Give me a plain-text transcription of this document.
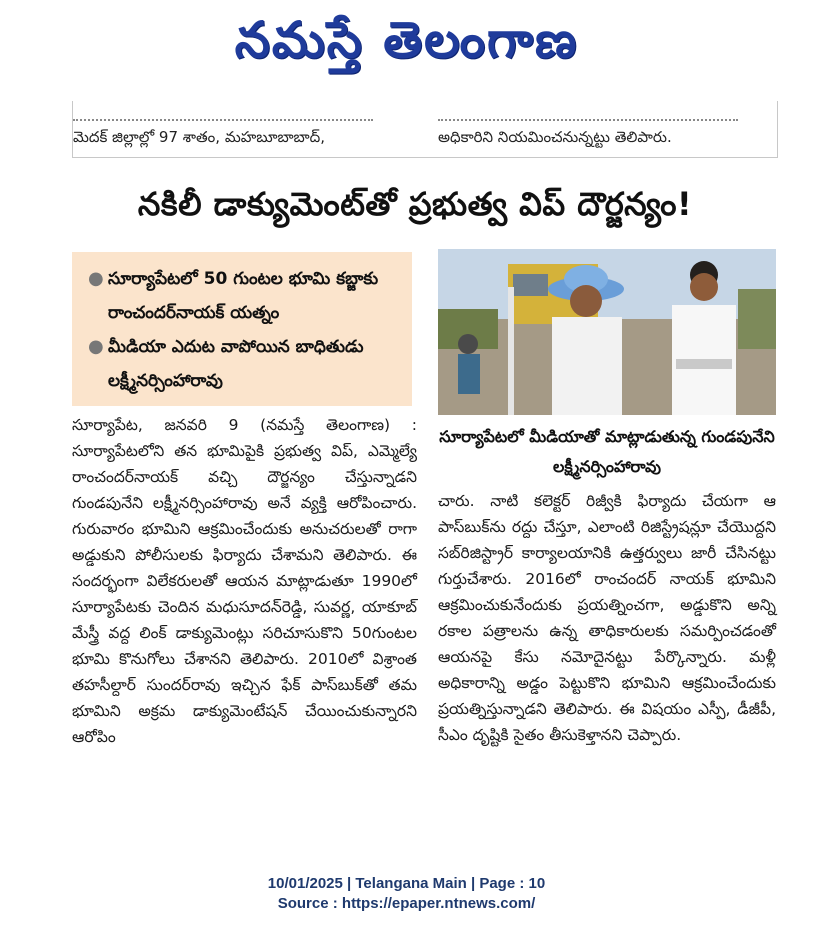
నమస్తే తెలంగాణ
మెదక్ జిల్లాల్లో 97 శాతం, మహబూబాబాద్,	అధికారిని నియమించనున్నట్టు తెలిపారు.
నకిలీ డాక్యుమెంట్‌తో ప్రభుత్వ విప్ దౌర్జన్యం!
● సూర్యాపేటలో 50 గుంటల భూమి కబ్జాకు రాంచందర్‌నాయక్ యత్నం
● మీడియా ఎదుట వాపోయిన బాధితుడు లక్ష్మీనర్సింహారావు
సూర్యాపేటలో మీడియాతో మాట్లాడుతున్న గుండపునేని లక్ష్మీనర్సింహారావు

సూర్యాపేట, జనవరి 9 (నమస్తే తెలంగాణ) : సూర్యాపేటలోని తన భూమిపైకి ప్రభుత్వ విప్, ఎమ్మెల్యే రాంచందర్‌నాయక్ వచ్చి దౌర్జన్యం చేస్తున్నాడని గుండపునేని లక్ష్మీనర్సింహారావు అనే వ్యక్తి ఆరోపించారు. గురువారం భూమిని ఆక్రమించేందుకు అనుచరులతో రాగా అడ్డుకుని పోలీసులకు ఫిర్యాదు చేశామని తెలిపారు. ఈ సందర్భంగా విలేకరులతో ఆయన మాట్లాడుతూ 1990లో సూర్యాపేటకు చెందిన మధుసూదన్‌రెడ్డి, సువర్ణ, యాకూబ్ మేస్త్రీ వద్ద లింక్ డాక్యుమెంట్లు సరిచూసుకొని 50గుంటల భూమి కొనుగోలు చేశానని తెలిపారు. 2010లో విశ్రాంత తహసీల్దార్ సుందర్‌రావు ఇచ్చిన ఫేక్ పాస్‌బుక్‌తో తమ భూమిని అక్రమ డాక్యుమెంటేషన్ చేయించుకున్నారని ఆరోపిం

చారు. నాటి కలెక్టర్ రిజ్వీకి ఫిర్యాదు చేయగా ఆ పాస్‌బుక్‌ను రద్దు చేస్తూ, ఎలాంటి రిజిస్ట్రేషన్లూ చేయొద్దని సబ్‌రిజిస్ట్రార్ కార్యాలయానికి ఉత్తర్వులు జారీ చేసినట్టు గుర్తుచేశారు. 2016లో రాంచందర్ నాయక్ భూమిని ఆక్రమించుకునేందుకు ప్రయత్నించగా, అడ్డుకొని అన్ని రకాల పత్రాలను ఉన్న తాధికారులకు సమర్పించడంతో ఆయనపై కేసు నమోదైనట్టు పేర్కొన్నారు. మళ్లీ అధికారాన్ని అడ్డం పెట్టుకొని భూమిని ఆక్రమించేందుకు ప్రయత్నిస్తున్నాడని తెలిపారు. ఈ విషయం ఎస్పీ, డీజీపీ, సీఎం దృష్టికి సైతం తీసుకెళ్తానని చెప్పారు.

10/01/2025 | Telangana Main | Page : 10
Source : https://epaper.ntnews.com/
